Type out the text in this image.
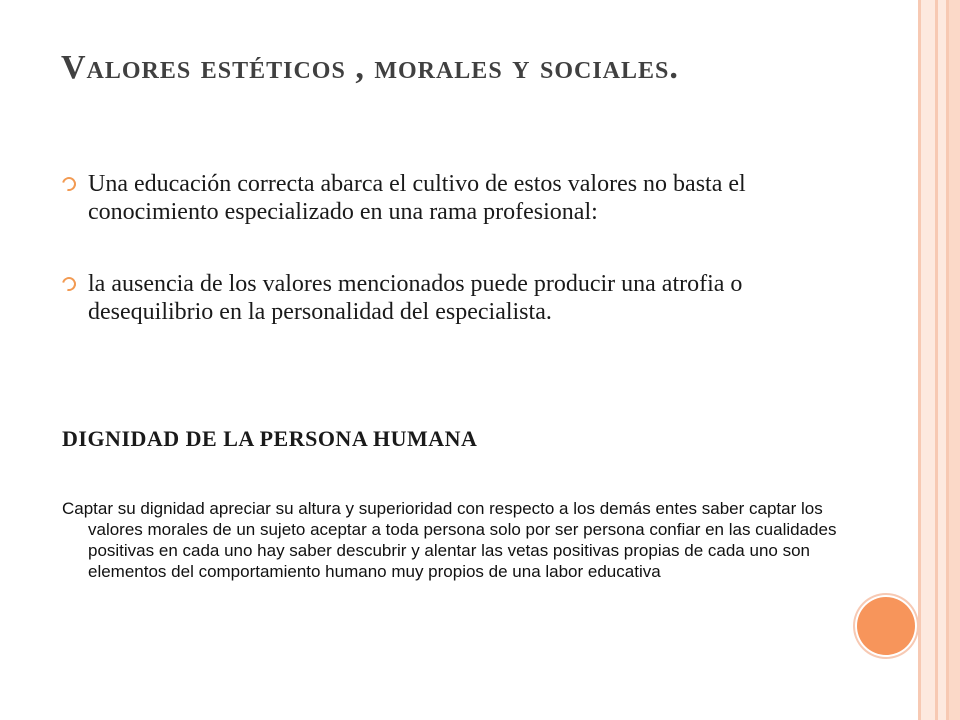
Valores estéticos , morales y sociales.
Una educación correcta abarca el cultivo de estos valores no basta el conocimiento especializado en una rama profesional:
la ausencia de los valores mencionados puede producir una atrofia o desequilibrio en la personalidad del especialista.
DIGNIDAD DE LA PERSONA HUMANA
Captar su dignidad apreciar su altura y superioridad con respecto a los demás entes saber captar los valores morales de un sujeto aceptar a toda persona solo por ser persona confiar en las cualidades positivas en cada uno hay saber descubrir y alentar las vetas positivas propias de cada uno son elementos del comportamiento humano muy propios de una labor educativa
